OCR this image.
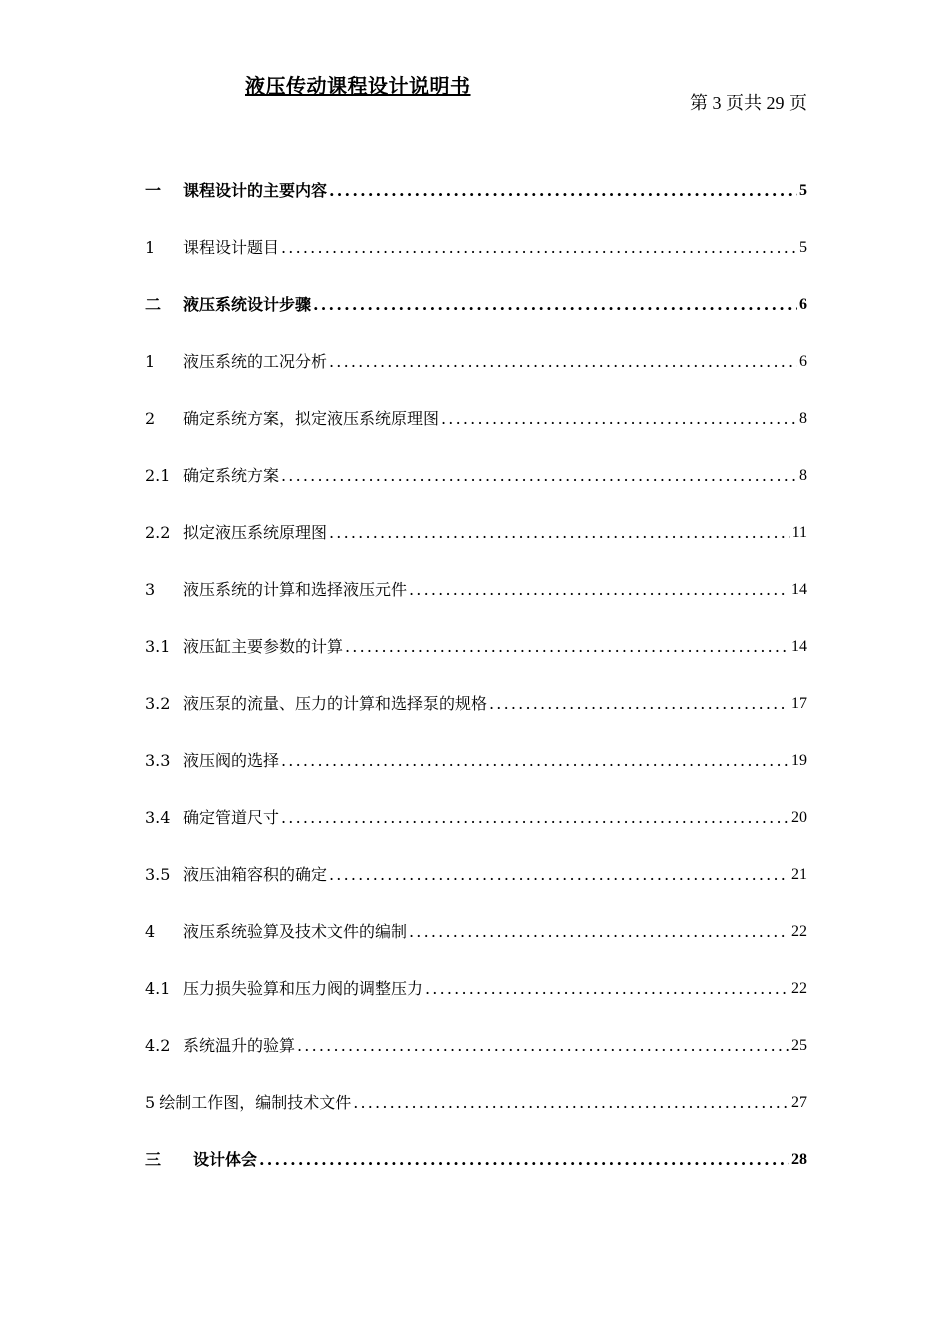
液压传动课程设计说明书
第 3 页共 29 页
一	课程设计的主要内容 .....	5
1	课程设计题目 .....	5
二	液压系统设计步骤 .....	6
1	液压系统的工况分析 .....	6
2	确定系统方案，拟定液压系统原理图 .....	8
2.1 确定系统方案 .....	8
2.2 拟定液压系统原理图 .....	11
3	液压系统的计算和选择液压元件 .....	14
3.1 液压缸主要参数的计算 .....	14
3.2 液压泵的流量、压力的计算和选择泵的规格 .....	17
3.3 液压阀的选择 .....	19
3.4 确定管道尺寸 .....	20
3.5 液压油箱容积的确定 .....	21
4	液压系统验算及技术文件的编制 .....	22
4.1 压力损失验算和压力阀的调整压力 .....	22
4.2 系统温升的验算 .....	25
5 绘制工作图，编制技术文件 .....	27
三	设计体会 .....	28
